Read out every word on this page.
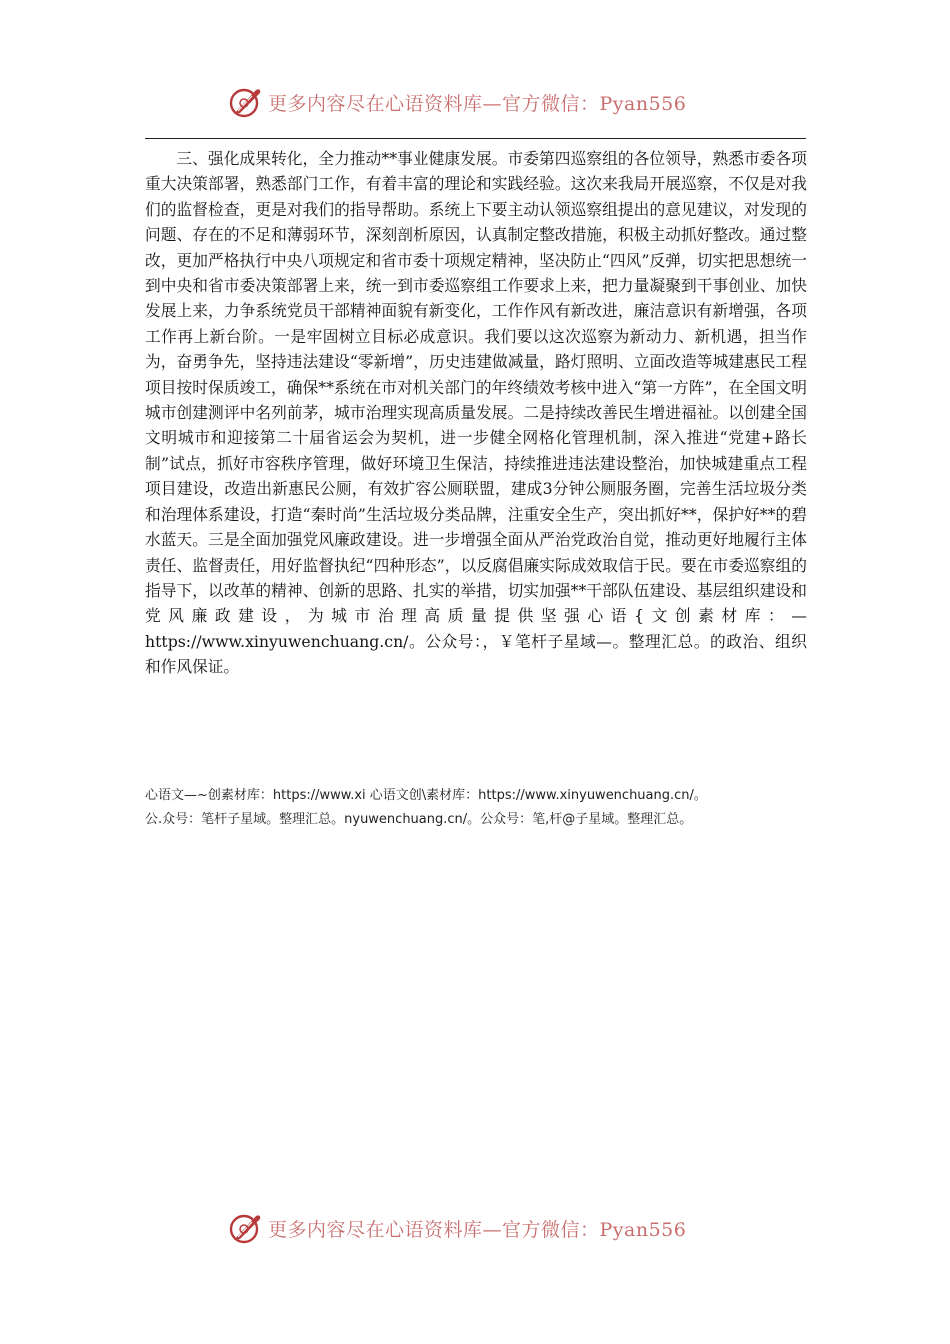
更多内容尽在心语资料库—官方微信：Pyan556

三、强化成果转化，全力推动**事业健康发展。市委第四巡察组的各位领导，熟悉市委各项重大决策部署，熟悉部门工作，有着丰富的理论和实践经验。这次来我局开展巡察，不仅是对我们的监督检查，更是对我们的指导帮助。系统上下要主动认领巡察组提出的意见建议，对发现的问题、存在的不足和薄弱环节，深刻剖析原因，认真制定整改措施，积极主动抓好整改。通过整改，更加严格执行中央八项规定和省市委十项规定精神，坚决防止“四风”反弹，切实把思想统一到中央和省市委决策部署上来，统一到市委巡察组工作要求上来，把力量凝聚到干事创业、加快发展上来，力争系统党员干部精神面貌有新变化，工作作风有新改进，廉洁意识有新增强，各项工作再上新台阶。一是牢固树立目标必成意识。我们要以这次巡察为新动力、新机遇，担当作为，奋勇争先，坚持违法建设“零新增”，历史违建做减量，路灯照明、立面改造等城建惠民工程项目按时保质竣工，确保**系统在市对机关部门的年终绩效考核中进入“第一方阵”，在全国文明城市创建测评中名列前茅，城市治理实现高质量发展。二是持续改善民生增进福祉。以创建全国文明城市和迎接第二十届省运会为契机，进一步健全网格化管理机制，深入推进“党建+路长制”试点，抓好市容秩序管理，做好环境卫生保洁，持续推进违法建设整治，加快城建重点工程项目建设，改造出新惠民公厕，有效扩容公厕联盟，建成3分钟公厕服务圈，完善生活垃圾分类和治理体系建设，打造“秦时尚”生活垃圾分类品牌，注重安全生产，突出抓好**，保护好**的碧水蓝天。三是全面加强党风廉政建设。进一步增强全面从严治党政治自觉，推动更好地履行主体责任、监督责任，用好监督执纪“四种形态”，以反腐倡廉实际成效取信于民。要在市委巡察组的指导下，以改革的精神、创新的思路、扎实的举措，切实加强**干部队伍建设、基层组织建设和党风廉政建设，为城市治理高质量提供坚强心语{文创素材库：—https://www.xinyuwenchuang.cn/。公众号：，￥笔杆子星域—。整理汇总。的政治、组织和作风保证。

心语文—~创素材库：https://www.xi 心语文创\素材库：https://www.xinyuwenchuang.cn/。
公.众号：笔杆子星域。整理汇总。nyuwenchuang.cn/。公众号：笔,杆@子星域。整理汇总。
更多内容尽在心语资料库—官方微信：Pyan556
